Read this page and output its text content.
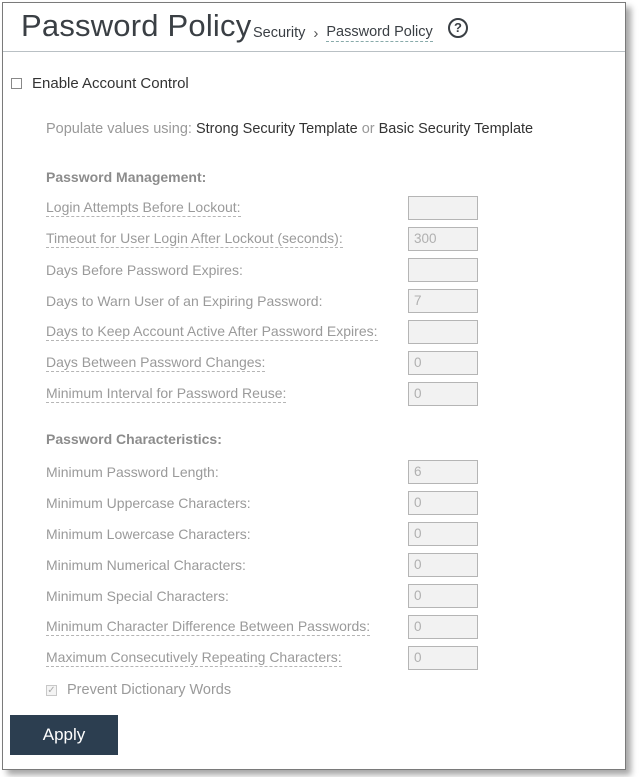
Password Policy Security › Password Policy	?
Enable Account Control
Populate values using: Strong Security Template or Basic Security Template
Password Management:
Login Attempts Before Lockout:
Timeout for User Login After Lockout (seconds):	300
Days Before Password Expires:
Days to Warn User of an Expiring Password:	7
Days to Keep Account Active After Password Expires:
Days Between Password Changes:	0
Minimum Interval for Password Reuse:	0
Password Characteristics:
Minimum Password Length:	6
Minimum Uppercase Characters:	0
Minimum Lowercase Characters:	0
Minimum Numerical Characters:	0
Minimum Special Characters:	0
Minimum Character Difference Between Passwords:	0
Maximum Consecutively Repeating Characters:	0
✓ Prevent Dictionary Words
Apply
